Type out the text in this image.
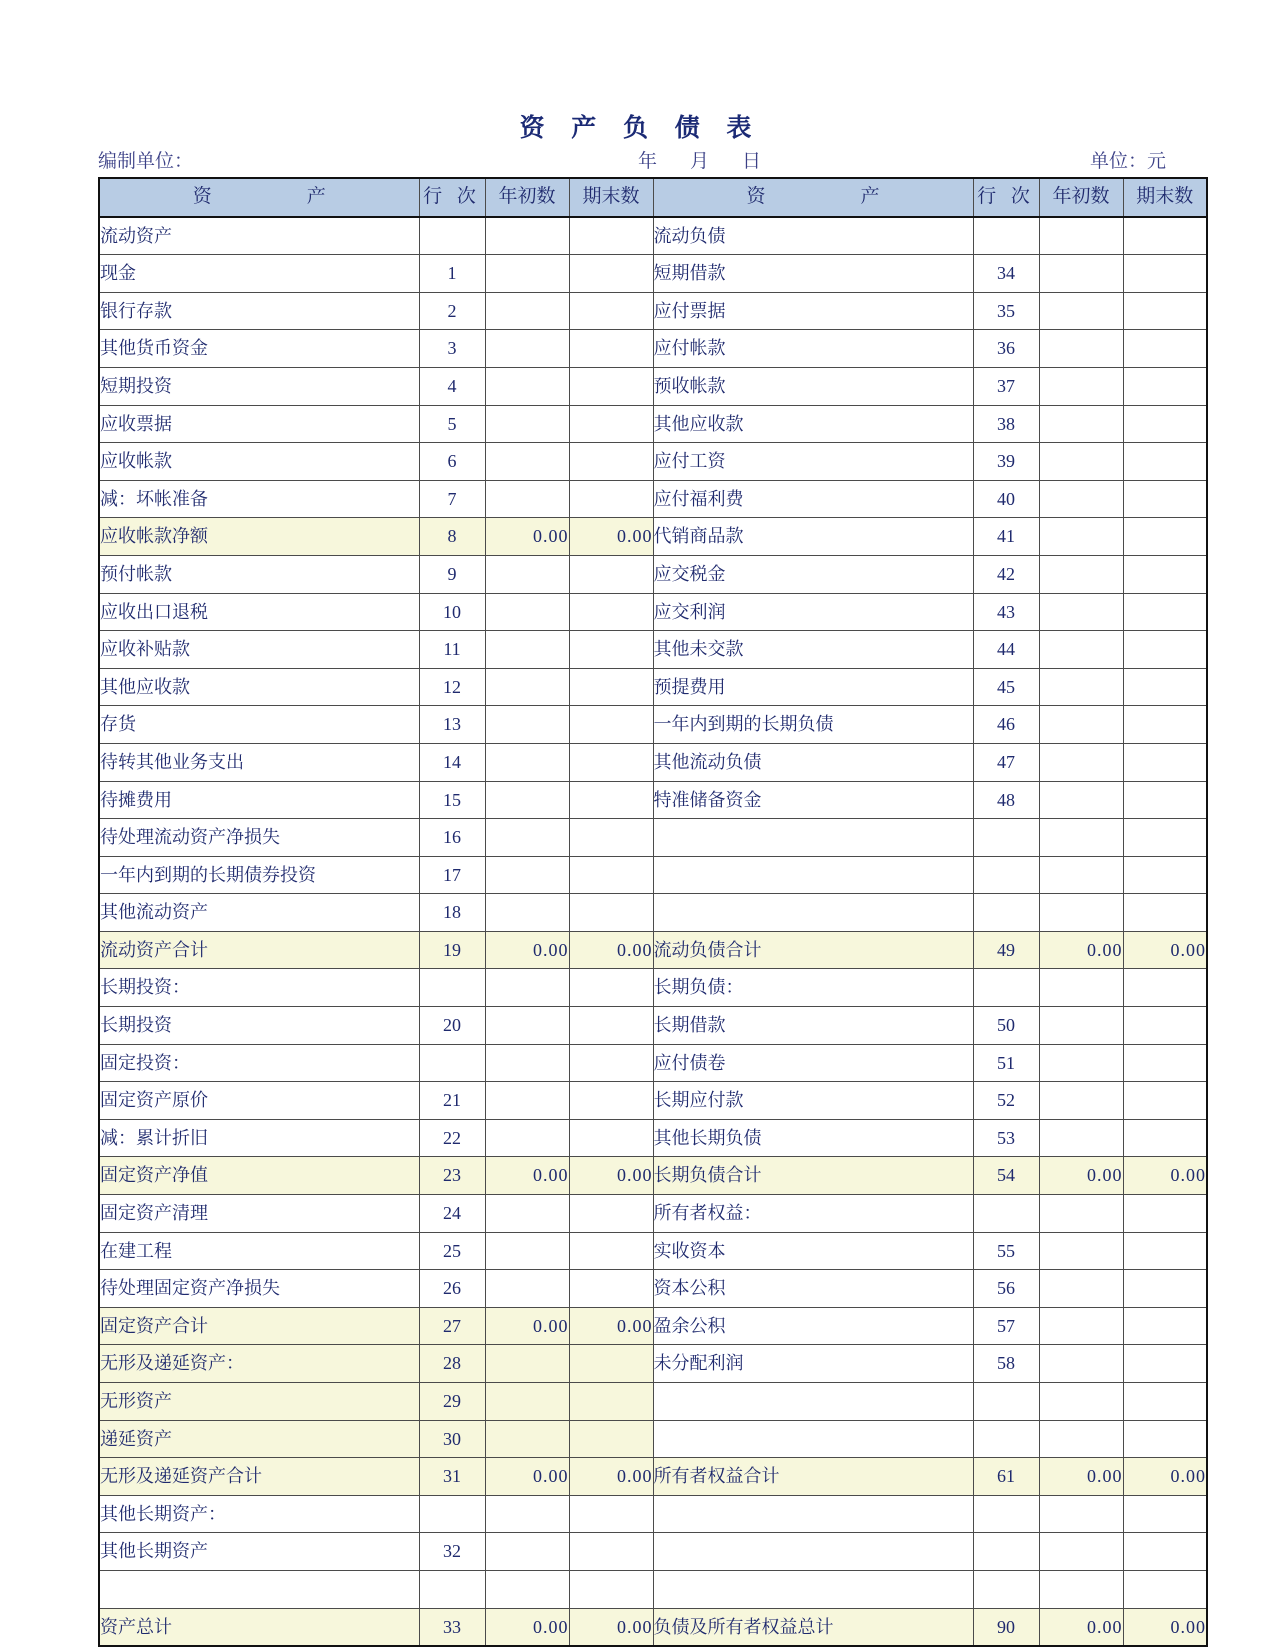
资 产 负 债 表
编制单位：	年　月　日	单位：元
资　　　　　产	行 次	年初数	期末数	资　　　　　产	行 次	年初数	期末数
流动资产				流动负债			
现金	1			短期借款	34		
银行存款	2			应付票据	35		
其他货币资金	3			应付帐款	36		
短期投资	4			预收帐款	37		
应收票据	5			其他应收款	38		
应收帐款	6			应付工资	39		
减：坏帐准备	7			应付福利费	40		
应收帐款净额	8	0.00	0.00	代销商品款	41		
预付帐款	9			应交税金	42		
应收出口退税	10			应交利润	43		
应收补贴款	11			其他未交款	44		
其他应收款	12			预提费用	45		
存货	13			一年内到期的长期负债	46		
待转其他业务支出	14			其他流动负债	47		
待摊费用	15			特准储备资金	48		
待处理流动资产净损失	16						
一年内到期的长期债券投资	17						
其他流动资产	18						
流动资产合计	19	0.00	0.00	流动负债合计	49	0.00	0.00
长期投资：				长期负债：			
长期投资	20			长期借款	50		
固定投资：				应付债卷	51		
固定资产原价	21			长期应付款	52		
减：累计折旧	22			其他长期负债	53		
固定资产净值	23	0.00	0.00	长期负债合计	54	0.00	0.00
固定资产清理	24			所有者权益：			
在建工程	25			实收资本	55		
待处理固定资产净损失	26			资本公积	56		
固定资产合计	27	0.00	0.00	盈余公积	57		
无形及递延资产：	28			未分配利润	58		
无形资产	29						
递延资产	30						
无形及递延资产合计	31	0.00	0.00	所有者权益合计	61	0.00	0.00
其他长期资产：							
其他长期资产	32						

资产总计	33	0.00	0.00	负债及所有者权益总计	90	0.00	0.00
